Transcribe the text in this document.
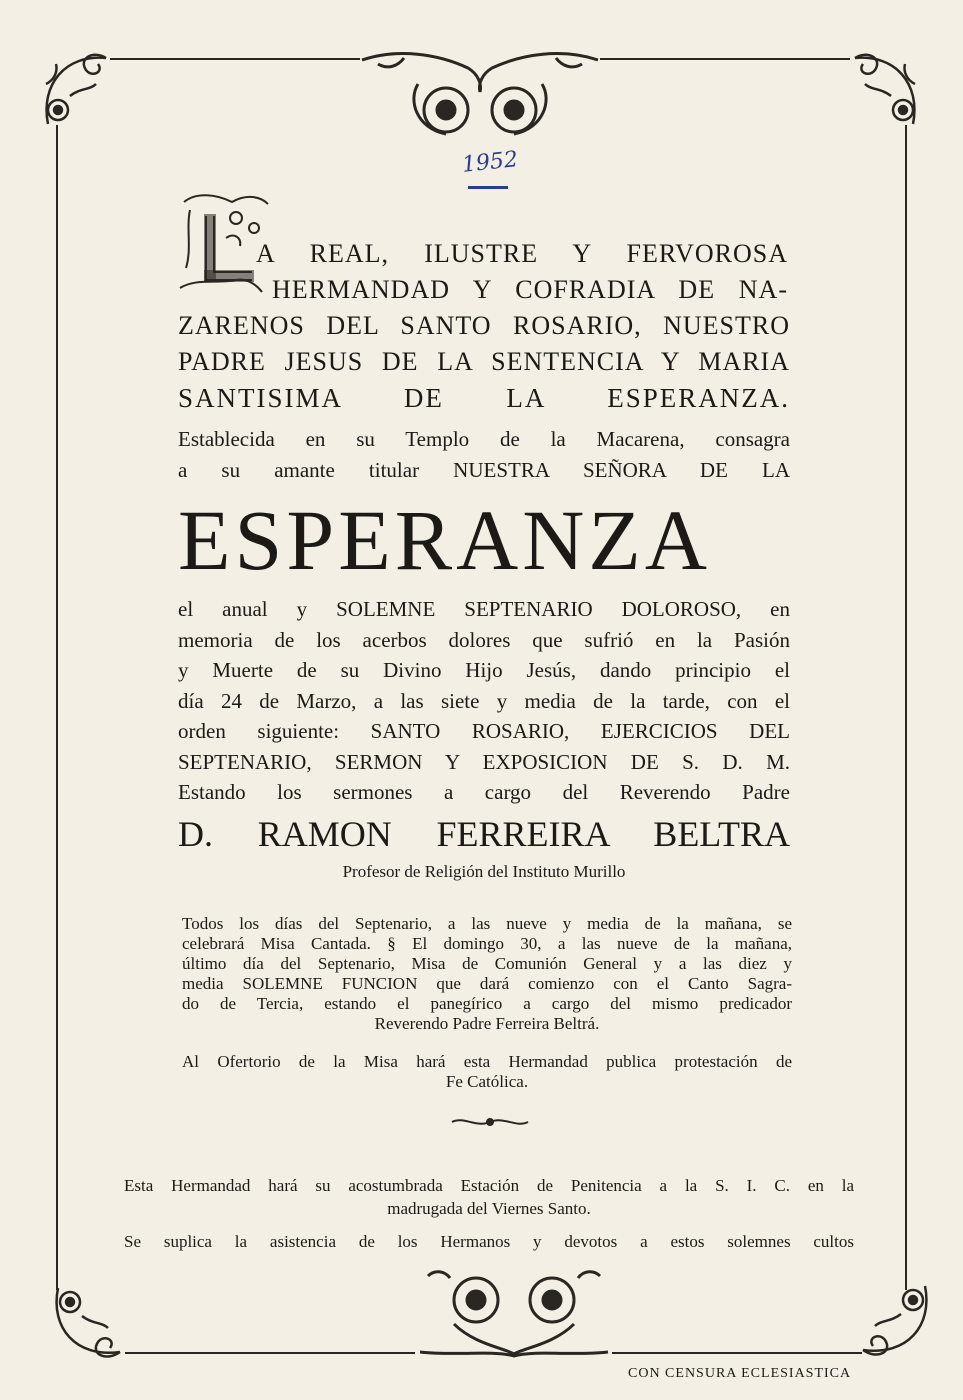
1952
A REAL, ILUSTRE Y FERVOROSA
HERMANDAD Y COFRADIA DE NA-
ZARENOS DEL SANTO ROSARIO, NUESTRO
PADRE JESUS DE LA SENTENCIA Y MARIA
SANTISIMA DE LA ESPERANZA.
Establecida en su Templo de la Macarena, consagra
a su amante titular NUESTRA SEÑORA DE LA
ESPERANZA
el anual y SOLEMNE SEPTENARIO DOLOROSO, en
memoria de los acerbos dolores que sufrió en la Pasión
y Muerte de su Divino Hijo Jesús, dando principio el
día 24 de Marzo, a las siete y media de la tarde, con el
orden siguiente: SANTO ROSARIO, EJERCICIOS DEL
SEPTENARIO, SERMON Y EXPOSICION DE S. D. M.
Estando los sermones a cargo del Reverendo Padre
D. RAMON FERREIRA BELTRA
Profesor de Religión del Instituto Murillo
Todos los días del Septenario, a las nueve y media de la mañana, se
celebrará Misa Cantada. § El domingo 30, a las nueve de la mañana,
último día del Septenario, Misa de Comunión General y a las diez y
media SOLEMNE FUNCION que dará comienzo con el Canto Sagra-
do de Tercia, estando el panegírico a cargo del mismo predicador
Reverendo Padre Ferreira Beltrá.
Al Ofertorio de la Misa hará esta Hermandad publica protestación de
Fe Católica.
Esta Hermandad hará su acostumbrada Estación de Penitencia a la S. I. C. en la
madrugada del Viernes Santo.
Se suplica la asistencia de los Hermanos y devotos a estos solemnes cultos
CON CENSURA ECLESIASTICA
